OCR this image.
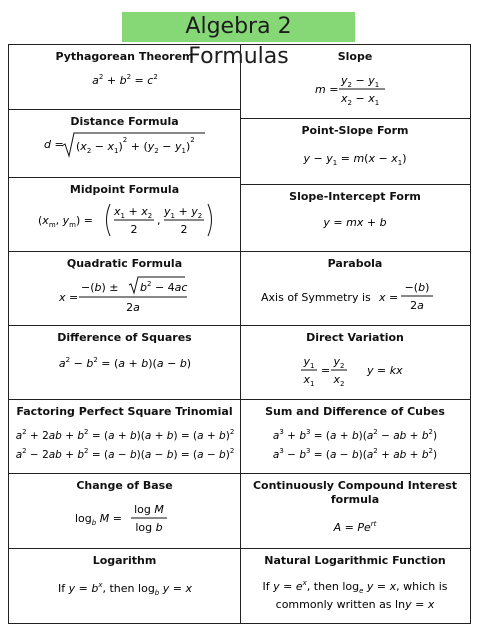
Algebra 2 Formulas
Pythagorean Theorem
$a^2 + b^2 = c^2$
Distance Formula
$d = (x_2 - x_1)^2 + (y_2 - y_1)^2$
Midpoint Formula
($x_m$, $y_m$) =
$x_1 + x_2$
2
,
$y_1 + y_2$
2
Quadratic Formula
x =
$-(b) \pm b^2 - 4ac$
2a
Difference of Squares
$a^2 - b^2 = (a + b)(a - b)$
Factoring Perfect Square Trinomial
$a^2 + 2ab + b^2 = (a + b)(a + b) = (a + b)^2$
$a^2 - 2ab + b^2 = (a - b)(a - b) = (a - b)^2$
Change of Base
$\log_b M$ =
log M
log b
Logarithm
If $y = b^x$, then $\log_b y = x$
Slope
m =
$y_2 - y_1$
$x_2 - x_1$
Point-Slope Form
$y - y_1 = m(x - x_1)$
Slope-Intercept Form
y = mx + b
Parabola
Axis of Symmetry is x =
−(b)
2a
Direct Variation
$y_1$
$x_1$
=
$y_2$
$x_2$
y = kx
Sum and Difference of Cubes
$a^3 + b^3 = (a + b)(a^2$ − ab + $b^2$)
$a^3 - b^3 = (a - b)(a^2$ + ab + $b^2$)
Continuously Compound Interest formula
$A = Pe^{rt}$
Natural Logarithmic Function
If $y = e^x$, then $\log_e y = x$, which is
commonly written as lny = x
